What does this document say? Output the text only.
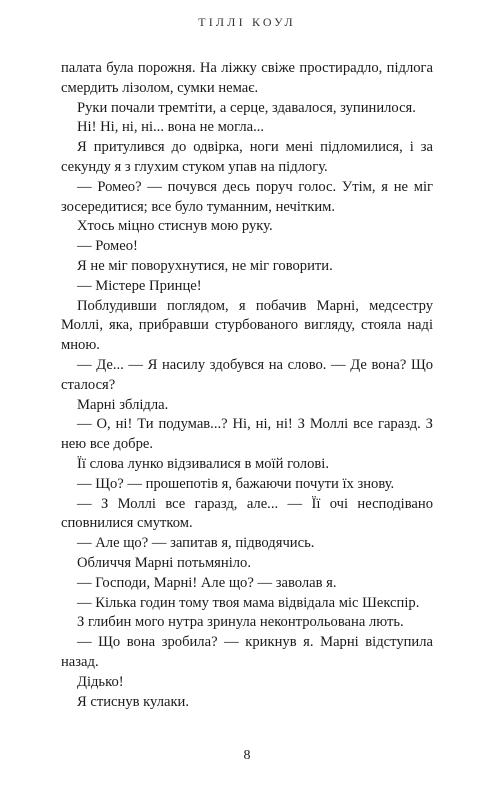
ТІЛЛІ КОУЛ

палата була порожня. На ліжку свіже простирадло, підлога смердить лізолом, сумки немає.

Руки почали тремтіти, а серце, здавалося, зупинилося.

Ні! Ні, ні, ні... вона не могла...

Я притулився до одвірка, ноги мені підломилися, і за секунду я з глухим стуком упав на підлогу.

— Ромео? — почувся десь поруч голос. Утім, я не міг зосередитися; все було туманним, нечітким.

Хтось міцно стиснув мою руку.

— Ромео!

Я не міг поворухнутися, не міг говорити.

— Містере Принце!

Поблудивши поглядом, я побачив Марні, медсестру Моллі, яка, прибравши стурбованого вигляду, стояла наді мною.

— Де... — Я насилу здобувся на слово. — Де вона? Що сталося?

Марні зблідла.

— О, ні! Ти подумав...? Ні, ні, ні! З Моллі все гаразд. З нею все добре.

Її слова лунко відзивалися в моїй голові.

— Що? — прошепотів я, бажаючи почути їх знову.

— З Моллі все гаразд, але... — Її очі несподівано сповнилися смутком.

— Але що? — запитав я, підводячись.

Обличчя Марні потьмяніло.

— Господи, Марні! Але що? — заволав я.

— Кілька годин тому твоя мама відвідала міс Шекспір.

З глибин мого нутра зринула неконтрольована лють.

— Що вона зробила? — крикнув я. Марні відступила назад.

Дідько!

Я стиснув кулаки.

8
